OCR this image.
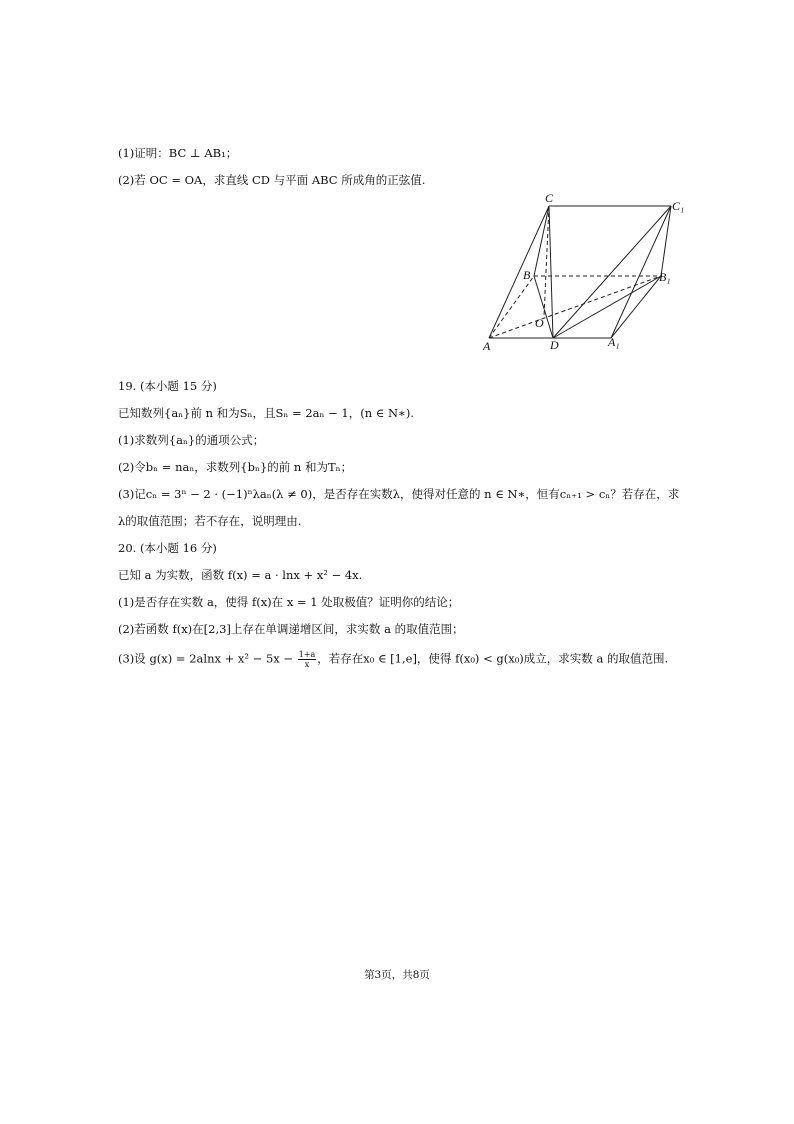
(1)证明：BC ⊥ AB₁；
(2)若 OC = OA，求直线 CD 与平面 ABC 所成角的正弦值.
C
C₁
B	B₁
O
A	D	A₁
19. (本小题 15 分)
已知数列{aₙ}前 n 和为Sₙ，且Sₙ = 2aₙ − 1，(n ∈ N∗).
(1)求数列{aₙ}的通项公式；
(2)令bₙ = naₙ，求数列{bₙ}的前 n 和为Tₙ；
(3)记cₙ = 3ⁿ − 2 · (−1)ⁿλaₙ(λ ≠ 0)，是否存在实数λ，使得对任意的 n ∈ N∗，恒有cₙ₊₁ > cₙ？若存在，求
λ的取值范围；若不存在，说明理由.
20. (本小题 16 分)
已知 a 为实数，函数 f(x) = a · lnx + x² − 4x.
(1)是否存在实数 a，使得 f(x)在 x = 1 处取极值？证明你的结论；
(2)若函数 f(x)在[2,3]上存在单调递增区间，求实数 a 的取值范围；
(3)设 $g(x) = 2alnx + x^2 - 5x - \frac{1+a}{x}$ ，若存在x₀ ∈ [1,e]，使得 f(x₀) < g(x₀)成立，求实数 a 的取值范围.
第3页，共8页
